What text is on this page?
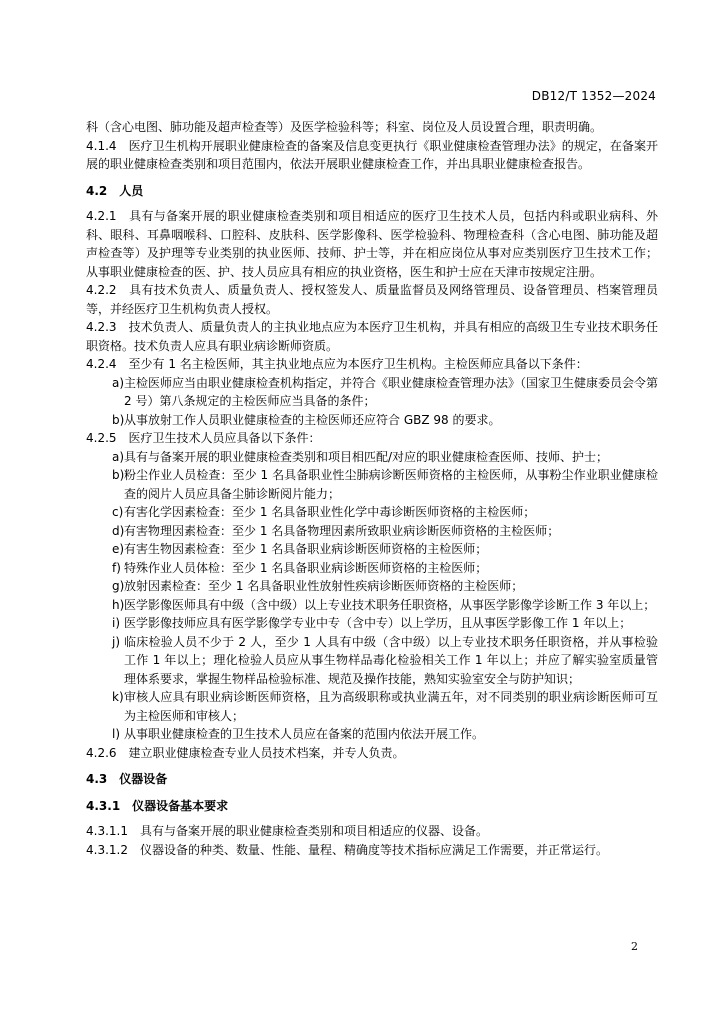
DB12/T 1352—2024

科（含心电图、肺功能及超声检查等）及医学检验科等；科室、岗位及人员设置合理，职责明确。

4.1.4　医疗卫生机构开展职业健康检查的备案及信息变更执行《职业健康检查管理办法》的规定，在备案开展的职业健康检查类别和项目范围内，依法开展职业健康检查工作，并出具职业健康检查报告。

4.2　人员

4.2.1　具有与备案开展的职业健康检查类别和项目相适应的医疗卫生技术人员，包括内科或职业病科、外科、眼科、耳鼻咽喉科、口腔科、皮肤科、医学影像科、医学检验科、物理检查科（含心电图、肺功能及超声检查等）及护理等专业类别的执业医师、技师、护士等，并在相应岗位从事对应类别医疗卫生技术工作；从事职业健康检查的医、护、技人员应具有相应的执业资格，医生和护士应在天津市按规定注册。

4.2.2　具有技术负责人、质量负责人、授权签发人、质量监督员及网络管理员、设备管理员、档案管理员等，并经医疗卫生机构负责人授权。

4.2.3　技术负责人、质量负责人的主执业地点应为本医疗卫生机构，并具有相应的高级卫生专业技术职务任职资格。技术负责人应具有职业病诊断师资质。

4.2.4　至少有 1 名主检医师，其主执业地点应为本医疗卫生机构。主检医师应具备以下条件：

a) 主检医师应当由职业健康检查机构指定，并符合《职业健康检查管理办法》（国家卫生健康委员会令第 2 号）第八条规定的主检医师应当具备的条件；

b) 从事放射工作人员职业健康检查的主检医师还应符合 GBZ 98 的要求。

4.2.5　医疗卫生技术人员应具备以下条件：

a) 具有与备案开展的职业健康检查类别和项目相匹配/对应的职业健康检查医师、技师、护士；

b) 粉尘作业人员检查：至少 1 名具备职业性尘肺病诊断医师资格的主检医师，从事粉尘作业职业健康检查的阅片人员应具备尘肺诊断阅片能力；

c) 有害化学因素检查：至少 1 名具备职业性化学中毒诊断医师资格的主检医师；

d) 有害物理因素检查：至少 1 名具备物理因素所致职业病诊断医师资格的主检医师；

e) 有害生物因素检查：至少 1 名具备职业病诊断医师资格的主检医师；

f) 特殊作业人员体检：至少 1 名具备职业病诊断医师资格的主检医师；

g) 放射因素检查：至少 1 名具备职业性放射性疾病诊断医师资格的主检医师；

h) 医学影像医师具有中级（含中级）以上专业技术职务任职资格，从事医学影像学诊断工作 3 年以上；

i) 医学影像技师应具有医学影像学专业中专（含中专）以上学历，且从事医学影像工作 1 年以上；

j) 临床检验人员不少于 2 人，至少 1 人具有中级（含中级）以上专业技术职务任职资格，并从事检验工作 1 年以上；理化检验人员应从事生物样品毒化检验相关工作 1 年以上；并应了解实验室质量管理体系要求，掌握生物样品检验标准、规范及操作技能，熟知实验室安全与防护知识；

k) 审核人应具有职业病诊断医师资格，且为高级职称或执业满五年，对不同类别的职业病诊断医师可互为主检医师和审核人；

l) 从事职业健康检查的卫生技术人员应在备案的范围内依法开展工作。

4.2.6　建立职业健康检查专业人员技术档案，并专人负责。

4.3　仪器设备

4.3.1　仪器设备基本要求

4.3.1.1　具有与备案开展的职业健康检查类别和项目相适应的仪器、设备。

4.3.1.2　仪器设备的种类、数量、性能、量程、精确度等技术指标应满足工作需要，并正常运行。

2
